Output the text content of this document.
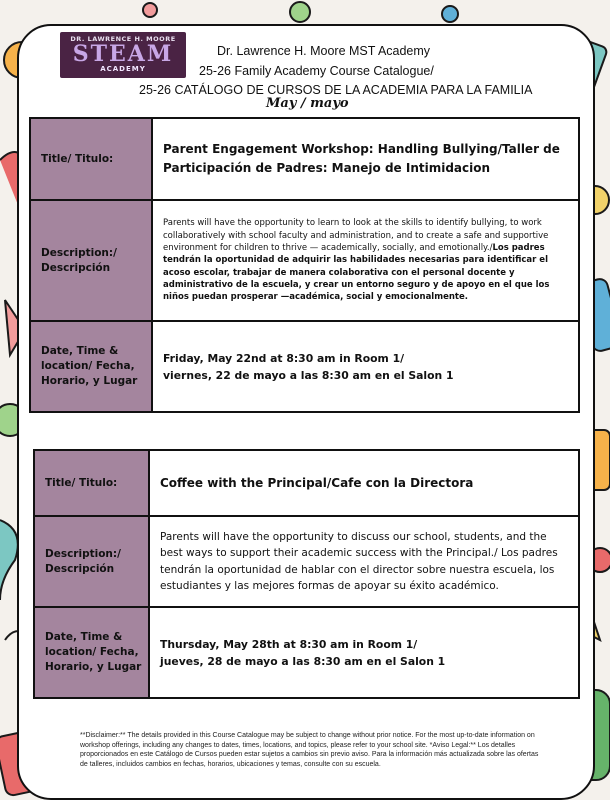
DR. LAWRENCE H. MOORE
STEAM
ACADEMY
Dr. Lawrence H. Moore MST Academy
25-26 Family Academy Course Catalogue/
25-26 CATÁLOGO DE CURSOS DE LA ACADEMIA PARA LA FAMILIA
May / mayo
Title/ Titulo:	Parent Engagement Workshop: Handling Bullying/Taller de Participación de Padres: Manejo de Intimidacion

Description:/ Descripción	Parents will have the opportunity to learn to look at the skills to identify bullying, to work collaboratively with school faculty and administration, and to create a safe and supportive environment for children to thrive — academically, socially, and emotionally./Los padres tendrán la oportunidad de adquirir las habilidades necesarias para identificar el acoso escolar, trabajar de manera colaborativa con el personal docente y administrativo de la escuela, y crear un entorno seguro y de apoyo en el que los niños puedan prosperar —académica, social y emocionalmente.

Date, Time & location/ Fecha, Horario, y Lugar	Friday, May 22nd at 8:30 am in Room 1/
viernes, 22 de mayo a las 8:30 am en el Salon 1
Title/ Titulo:	Coffee with the Principal/Cafe con la Directora

Description:/ Descripción	Parents will have the opportunity to discuss our school, students, and the best ways to support their academic success with the Principal./ Los padres tendrán la oportunidad de hablar con el director sobre nuestra escuela, los estudiantes y las mejores formas de apoyar su éxito académico.

Date, Time & location/ Fecha, Horario, y Lugar	Thursday, May 28th at 8:30 am in Room 1/
jueves, 28 de mayo a las 8:30 am en el Salon 1
**Disclaimer:** The details provided in this Course Catalogue may be subject to change without prior notice. For the most up-to-date information on workshop offerings, including any changes to dates, times, locations, and topics, please refer to your school site. *Aviso Legal:** Los detalles proporcionados en este Catálogo de Cursos pueden estar sujetos a cambios sin previo aviso. Para la información más actualizada sobre las ofertas de talleres, incluidos cambios en fechas, horarios, ubicaciones y temas, consulte con su escuela.
